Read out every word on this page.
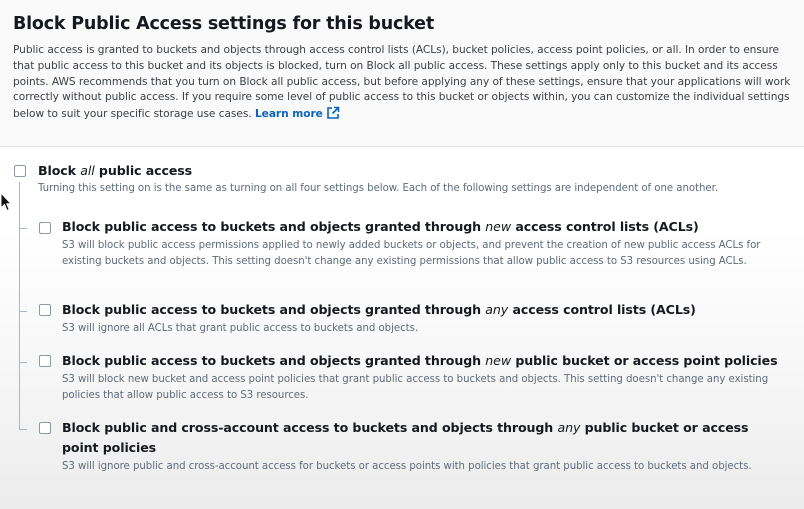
Block Public Access settings for this bucket
Public access is granted to buckets and objects through access control lists (ACLs), bucket policies, access point policies, or all. In order to ensure that public access to this bucket and its objects is blocked, turn on Block all public access. These settings apply only to this bucket and its access points. AWS recommends that you turn on Block all public access, but before applying any of these settings, ensure that your applications will work correctly without public access. If you require some level of public access to this bucket or objects within, you can customize the individual settings below to suit your specific storage use cases. Learn more
Block all public access
Turning this setting on is the same as turning on all four settings below. Each of the following settings are independent of one another.
Block public access to buckets and objects granted through new access control lists (ACLs)
S3 will block public access permissions applied to newly added buckets or objects, and prevent the creation of new public access ACLs for existing buckets and objects. This setting doesn't change any existing permissions that allow public access to S3 resources using ACLs.
Block public access to buckets and objects granted through any access control lists (ACLs)
S3 will ignore all ACLs that grant public access to buckets and objects.
Block public access to buckets and objects granted through new public bucket or access point policies
S3 will block new bucket and access point policies that grant public access to buckets and objects. This setting doesn't change any existing policies that allow public access to S3 resources.
Block public and cross-account access to buckets and objects through any public bucket or access point policies
S3 will ignore public and cross-account access for buckets or access points with policies that grant public access to buckets and objects.
